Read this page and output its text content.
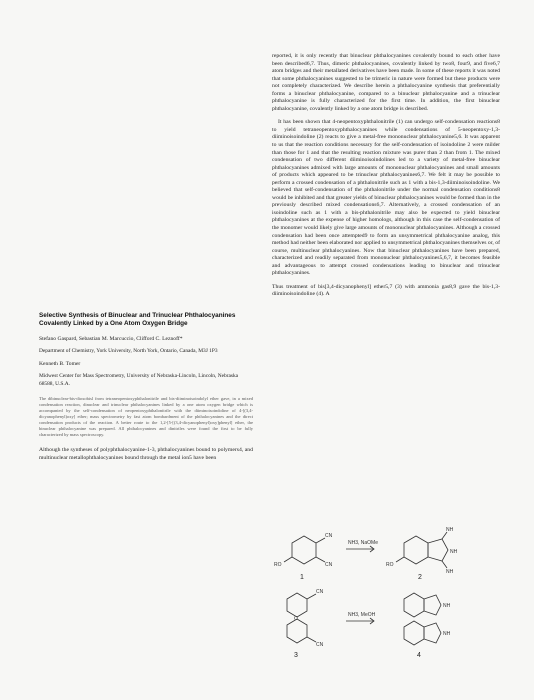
Selective Synthesis of Binuclear and Trinuclear Phthalocyanines Covalently Linked by a One Atom Oxygen Bridge
Stefano Gaspard, Sebastian M. Marcuccio, Clifford C. Leznoff*
Department of Chemistry, York University, North York, Ontario, Canada, M3J 1P3
Kenneth B. Tomer
Midwest Center for Mass Spectrometry, University of Nebraska-Lincoln, Lincoln, Nebraska 68588, U.S.A.
The dibinuclear-bis-dioxobisl from tetraneopentoxyphthalonitrile and bis-diiminoisoindolyl ether gave, in a mixed condensation reaction, dinuclear and trinuclear phthalocyanines linked by a one atom oxygen bridge which is accompanied by the self-condensation of neopentoxyphthalonitrile with the diiminoisoindoline of 4-[(3,4-dicyanophenyl)oxy] ether; mass spectrometry by fast atom bombardment of the phthalocyanines and the direct condensation products of the reaction. A better route to the 1,2-[5-[(3,4-dicyanophenyl)oxy]phenyl] ether, the binuclear phthalocyanine was prepared. All phthalocyanines and dinitriles were found the first to be fully characterized by mass spectroscopy.
Although the syntheses of polyphthalocyanine-1-3, phthalocyanines bound to polymers4, and multinuclear metallophthalocyanines bound through the metal ion5 have been

reported, it is only recently that binuclear phthalocyanines covalently bound to each other have been described6,7. Thus, dimeric phthalocyanines, covalently linked by two8, four9, and five6,7 atom bridges and their metallated derivatives have been made. In some of these reports it was noted that some phthalocyanines suggested to be trimeric in nature were formed but these products were not completely characterized. We describe herein a phthalocyanine synthesis that preferentially forms a binuclear phthalocyanine, compared to a binuclear phthalocyanine and a trinuclear phthalocyanine is fully characterized for the first time. In addition, the first binuclear phthalocyanine, covalently linked by a one atom bridge is described.

It has been shown that 4-neopentoxyphthalonitrile (1) can undergo self-condensation reactions8 to yield tetraneopentoxyphthalocyanines while condensations of 5-neopentoxy-1,3-diiminoisoindoline (2) reacts to give a metal-free mononuclear phthalocyanine5,6. It was apparent to us that the reaction conditions necessary for the self-condensation of isoindoline 2 were milder than those for 1 and that the resulting reaction mixture was purer than 2 than from 1. The mixed condensation of two different diiminoisoindolines led to a variety of metal-free binuclear phthalocyanines admixed with large amounts of mononuclear phthalocyanines and small amounts of products which appeared to be trinuclear phthalocyanines6,7. We felt it may be possible to perform a crossed condensation of a phthalonitrile such as 1 with a bis-1,3-diiminoisoindoline. We believed that self-condensation of the phthalonitrile under the normal condensation conditions8 would be inhibited and that greater yields of binuclear phthalocyanines would be formed than in the previously described mixed condensations6,7. Alternatively, a crossed condensation of an isoindoline such as 1 with a bis-phthalonitrile may also be expected to yield binuclear phthalocyanines at the expense of higher homologs, although in this case the self-condensation of the monomer would likely give large amounts of mononuclear phthalocyanines. Although a crossed condensation had been once attempted9 to form an unsymmetrical phthalocyanine analog, this method had neither been elaborated nor applied to unsymmetrical phthalocyanines themselves or, of course, multinuclear phthalocyanines. Now that binuclear phthalocyanines have been prepared, characterized and readily separated from mononuclear phthalocyanines5,6,7, it becomes feasible and advantageous to attempt crossed condensations leading to binuclear and trinuclear phthalocyanines.

Thus treatment of bis[3,4-dicyanophenyl] ether5,7 (3) with ammonia gas8,9 gave the bis-1,3-diiminoisoindoline (4). A

CN
CN
RO
NH
NH
NH
RO
CN
CN
O
NH
NH
NH3, NaOMe
NH3, MeOH
1	2
3	4
